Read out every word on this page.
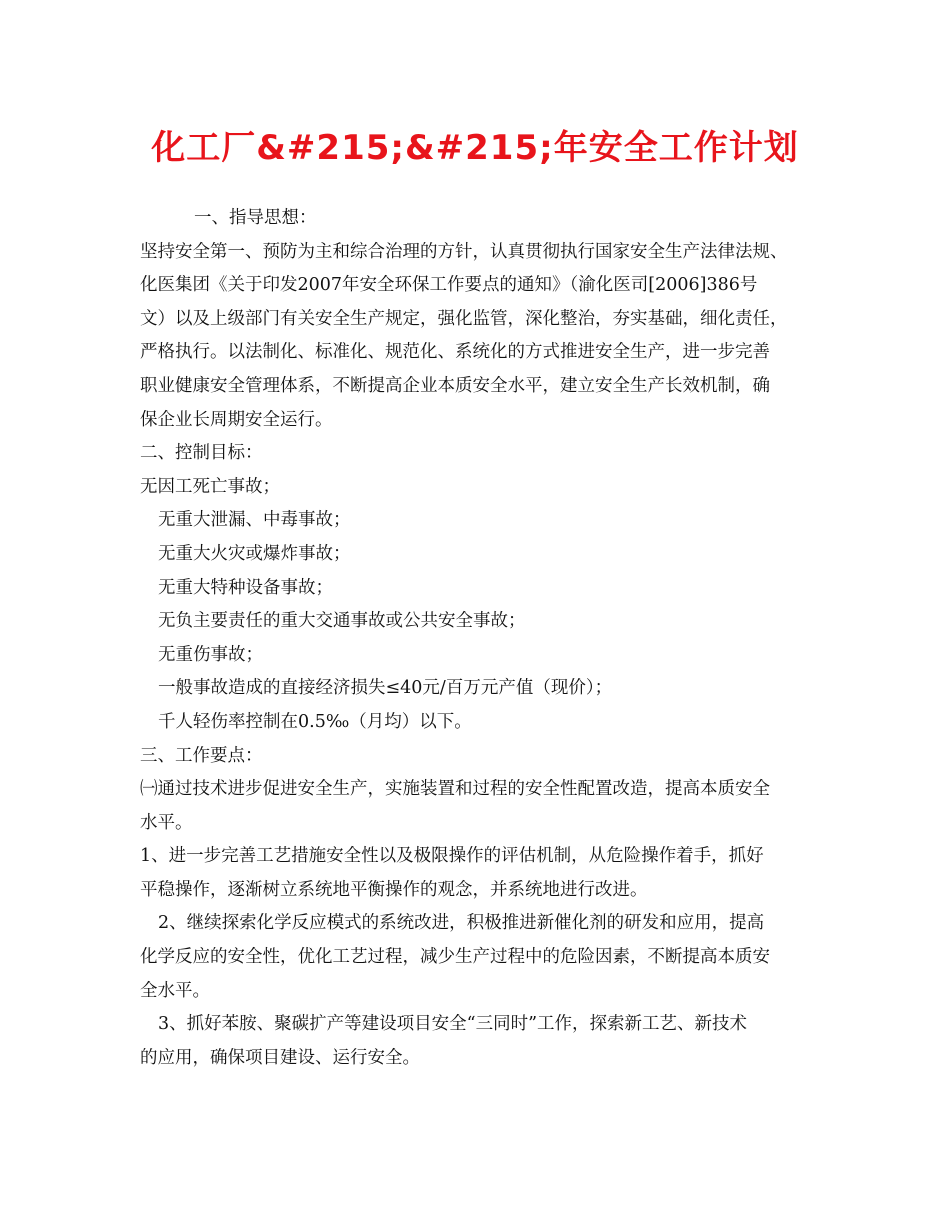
化工厂&#215;&#215;年安全工作计划
一、指导思想：
坚持安全第一、预防为主和综合治理的方针，认真贯彻执行国家安全生产法律法规、
化医集团《关于印发2007年安全环保工作要点的通知》（渝化医司[2006]386号
文）以及上级部门有关安全生产规定，强化监管，深化整治，夯实基础，细化责任，
严格执行。以法制化、标准化、规范化、系统化的方式推进安全生产，进一步完善
职业健康安全管理体系，不断提高企业本质安全水平，建立安全生产长效机制，确
保企业长周期安全运行。
二、控制目标：
无因工死亡事故；
无重大泄漏、中毒事故；
无重大火灾或爆炸事故；
无重大特种设备事故；
无负主要责任的重大交通事故或公共安全事故；
无重伤事故；
一般事故造成的直接经济损失≤40元/百万元产值（现价）；
千人轻伤率控制在0.5‰（月均）以下。
三、工作要点：
㈠通过技术进步促进安全生产，实施装置和过程的安全性配置改造，提高本质安全
水平。
1、进一步完善工艺措施安全性以及极限操作的评估机制，从危险操作着手，抓好
平稳操作，逐渐树立系统地平衡操作的观念，并系统地进行改进。
2、继续探索化学反应模式的系统改进，积极推进新催化剂的研发和应用，提高
化学反应的安全性，优化工艺过程，减少生产过程中的危险因素，不断提高本质安
全水平。
3、抓好苯胺、聚碳扩产等建设项目安全“三同时”工作，探索新工艺、新技术
的应用，确保项目建设、运行安全。
